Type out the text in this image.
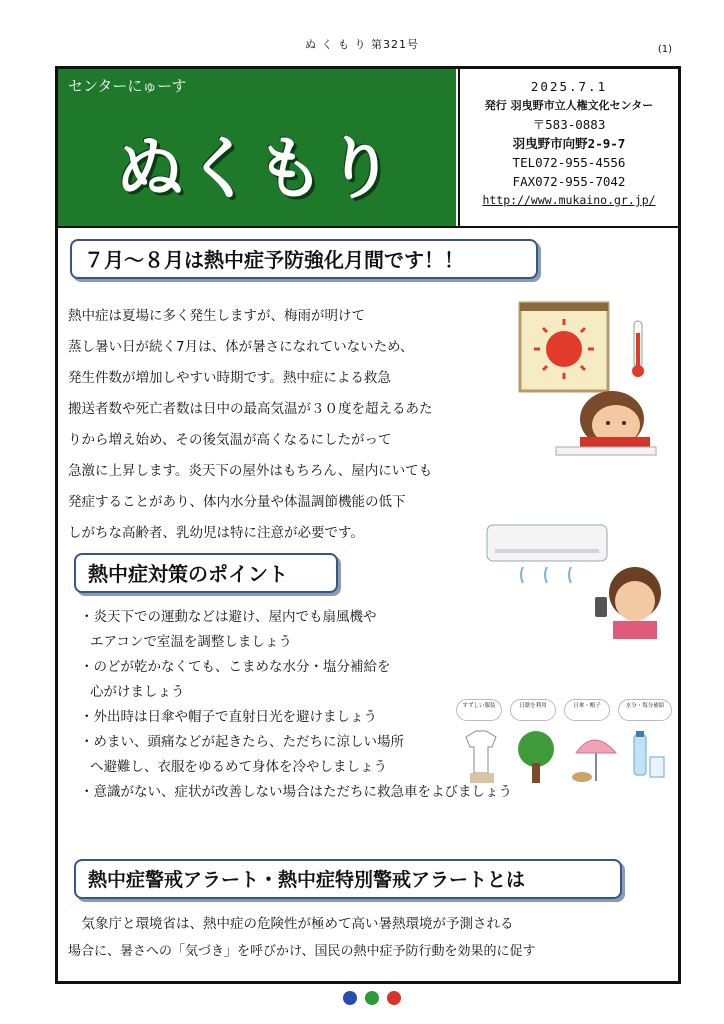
ぬ く も り 第321号	(1)
センターにゅーす
ぬくもり
2025.7.1
発行 羽曳野市立人権文化センター
〒583-0883
羽曳野市向野2-9-7
TEL072-955-4556
FAX072-955-7042
http://www.mukaino.gr.jp/
７月～８月は熱中症予防強化月間です！！
熱中症は夏場に多く発生しますが、梅雨が明けて
蒸し暑い日が続く7月は、体が暑さになれていないため、
発生件数が増加しやすい時期です。熱中症による救急
搬送者数や死亡者数は日中の最高気温が３０度を超えるあた
りから増え始め、その後気温が高くなるにしたがって
急激に上昇します。炎天下の屋外はもちろん、屋内にいても
発症することがあり、体内水分量や体温調節機能の低下
しがちな高齢者、乳幼児は特に注意が必要です。
熱中症対策のポイント
・炎天下での運動などは避け、屋内でも扇風機や
エアコンで室温を調整しましょう
・のどが乾かなくても、こまめな水分・塩分補給を
心がけましょう
・外出時は日傘や帽子で直射日光を避けましょう
・めまい、頭痛などが起きたら、ただちに涼しい場所
へ避難し、衣服をゆるめて身体を冷やしましょう
・意識がない、症状が改善しない場合はただちに救急車をよびましょう
すずしい服装	日陰を利用	日傘・帽子	水分・塩分補給
熱中症警戒アラート・熱中症特別警戒アラートとは
　気象庁と環境省は、熱中症の危険性が極めて高い暑熱環境が予測される
場合に、暑さへの「気づき」を呼びかけ、国民の熱中症予防行動を効果的に促す
